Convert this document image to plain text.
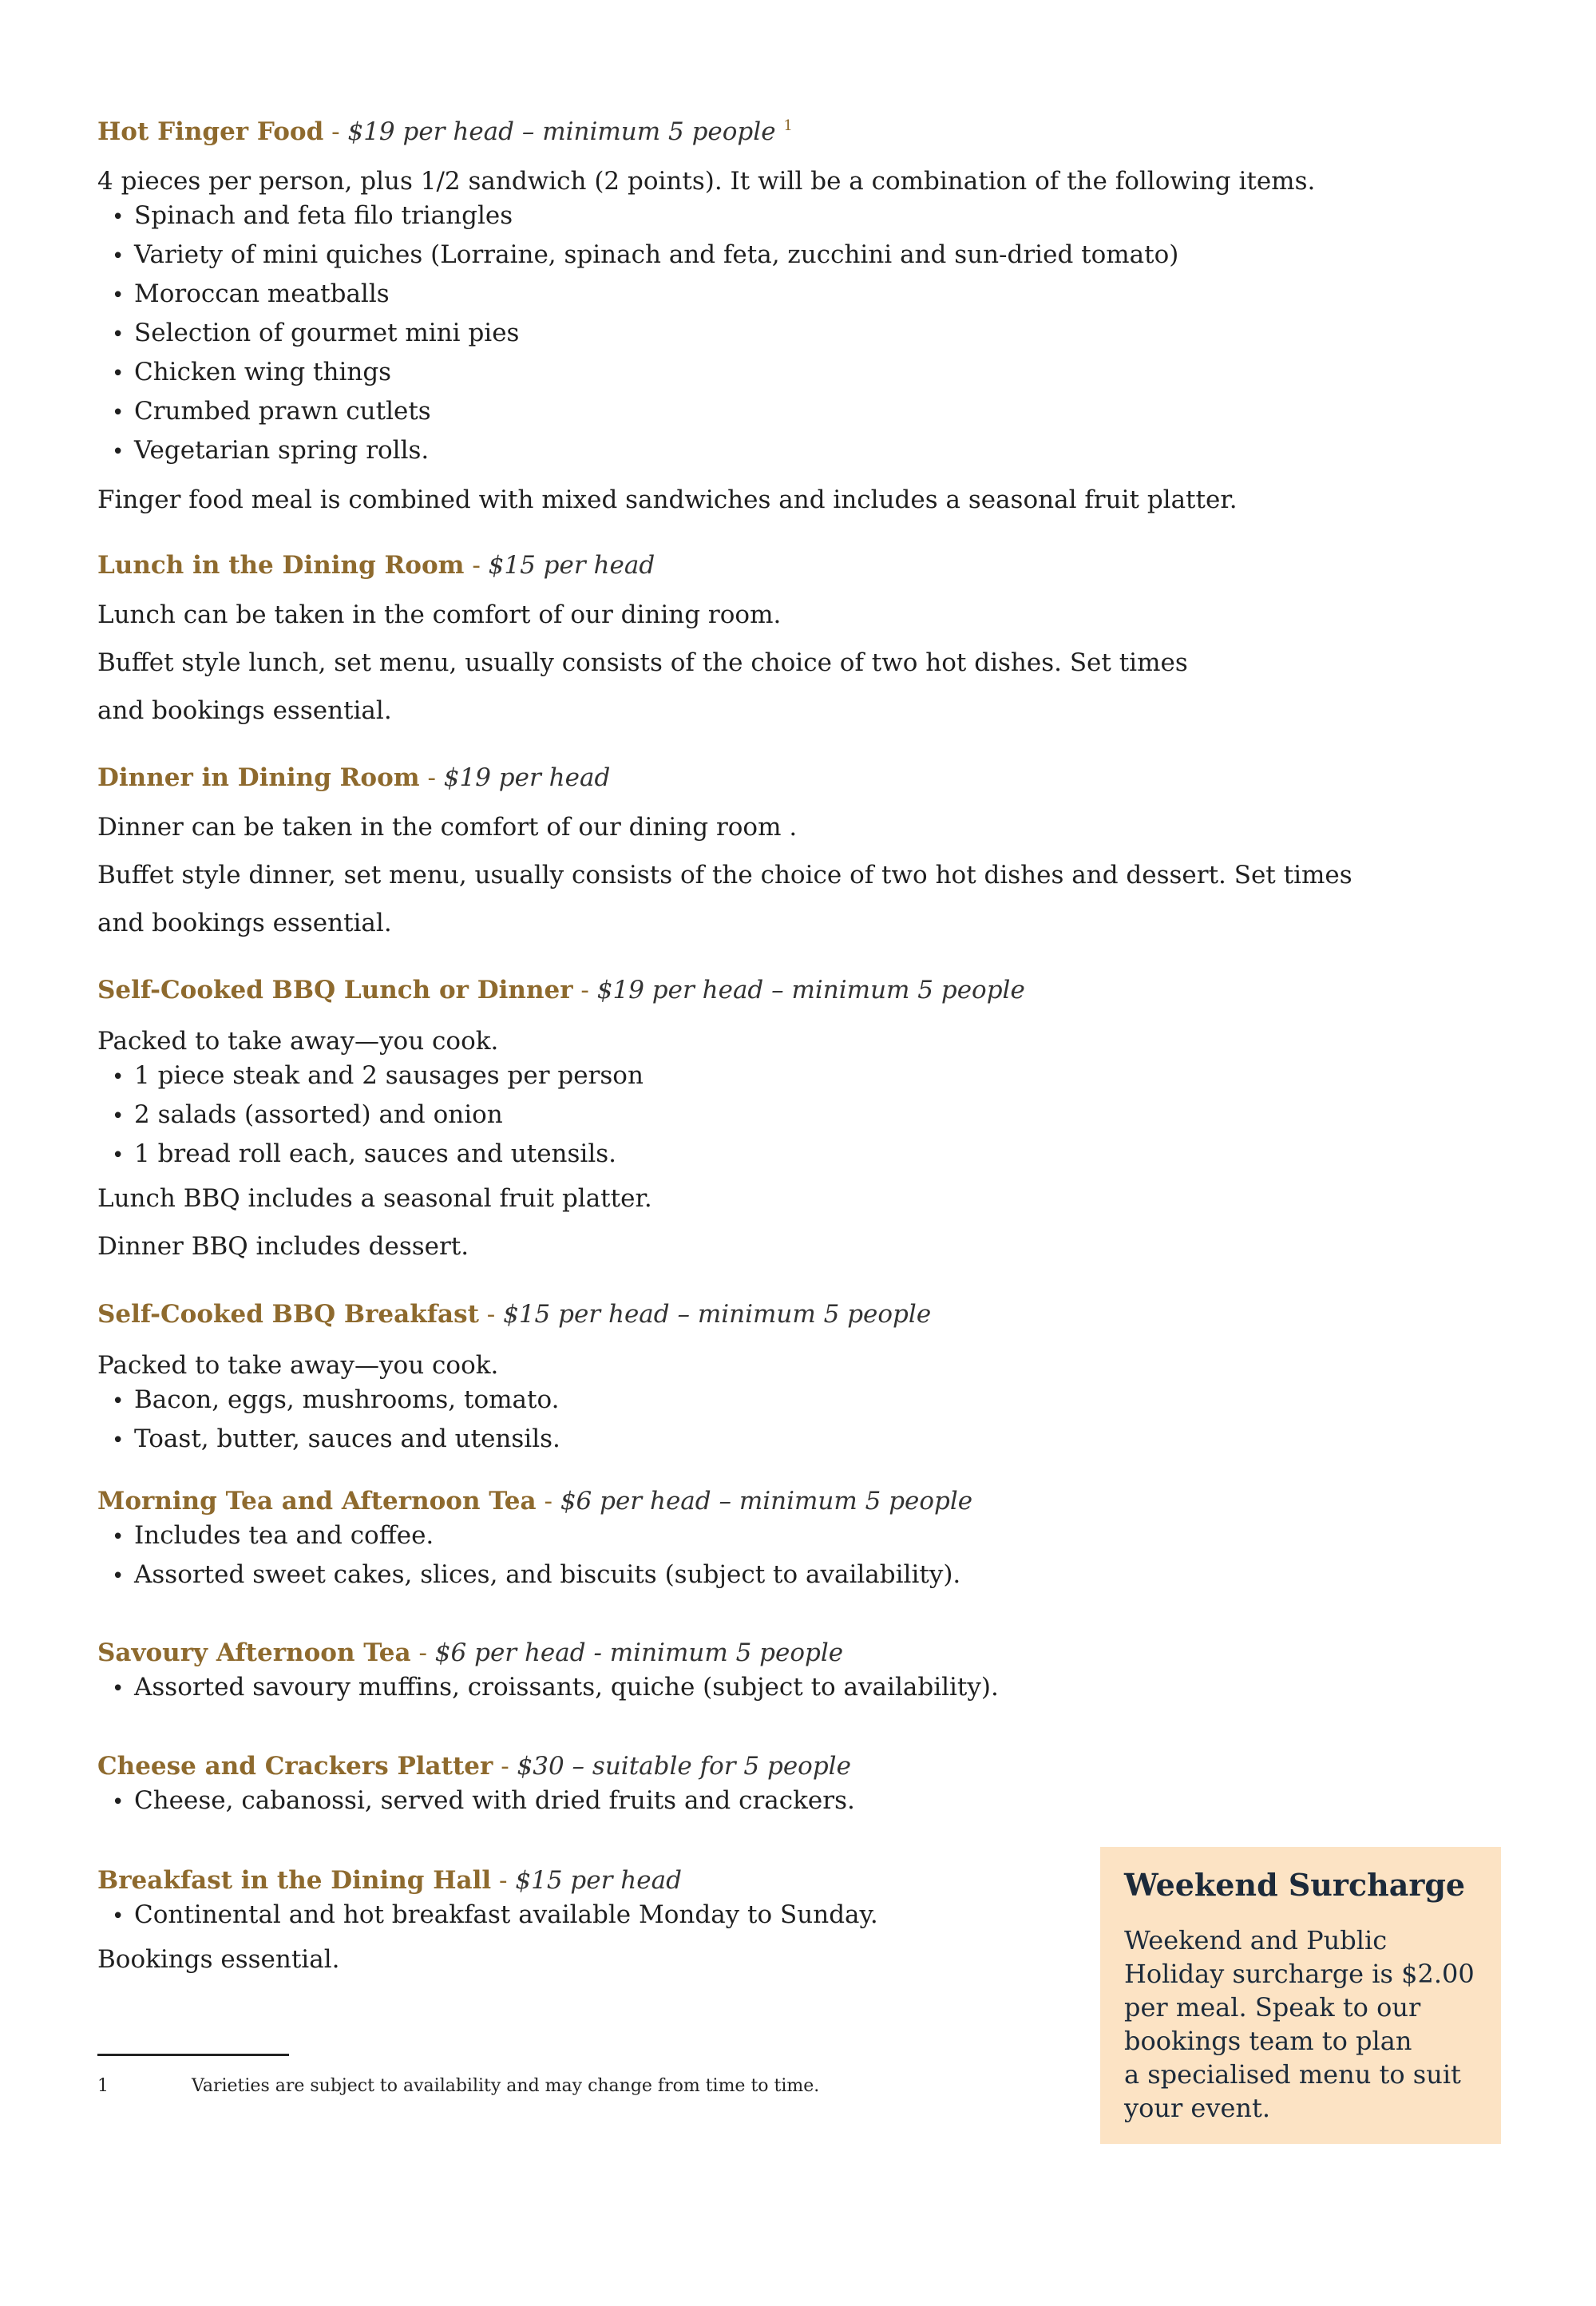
Hot Finger Food - $19 per head – minimum 5 people $^1$

4 pieces per person, plus 1/2 sandwich (2 points). It will be a combination of the following items.

• Spinach and feta filo triangles
• Variety of mini quiches (Lorraine, spinach and feta, zucchini and sun-dried tomato)
• Moroccan meatballs
• Selection of gourmet mini pies
• Chicken wing things
• Crumbed prawn cutlets
• Vegetarian spring rolls.

Finger food meal is combined with mixed sandwiches and includes a seasonal fruit platter.

Lunch in the Dining Room - $15 per head

Lunch can be taken in the comfort of our dining room.

Buffet style lunch, set menu, usually consists of the choice of two hot dishes. Set times

and bookings essential.

Dinner in Dining Room - $19 per head

Dinner can be taken in the comfort of our dining room .

Buffet style dinner, set menu, usually consists of the choice of two hot dishes and dessert. Set times

and bookings essential.

Self-Cooked BBQ Lunch or Dinner - $19 per head – minimum 5 people

Packed to take away—you cook.

• 1 piece steak and 2 sausages per person
• 2 salads (assorted) and onion
• 1 bread roll each, sauces and utensils.

Lunch BBQ includes a seasonal fruit platter.

Dinner BBQ includes dessert.

Self-Cooked BBQ Breakfast - $15 per head – minimum 5 people

Packed to take away—you cook.

• Bacon, eggs, mushrooms, tomato.
• Toast, butter, sauces and utensils.

Morning Tea and Afternoon Tea - $6 per head – minimum 5 people

• Includes tea and coffee.
• Assorted sweet cakes, slices, and biscuits (subject to availability).

Savoury Afternoon Tea - $6 per head - minimum 5 people

• Assorted savoury muffins, croissants, quiche (subject to availability).

Cheese and Crackers Platter - $30 – suitable for 5 people

• Cheese, cabanossi, served with dried fruits and crackers.

Breakfast in the Dining Hall - $15 per head

• Continental and hot breakfast available Monday to Sunday.

Bookings essential.

1	Varieties are subject to availability and may change from time to time.
Weekend Surcharge

Weekend and Public

Holiday surcharge is $2.00

per meal. Speak to our

bookings team to plan

a specialised menu to suit

your event.
